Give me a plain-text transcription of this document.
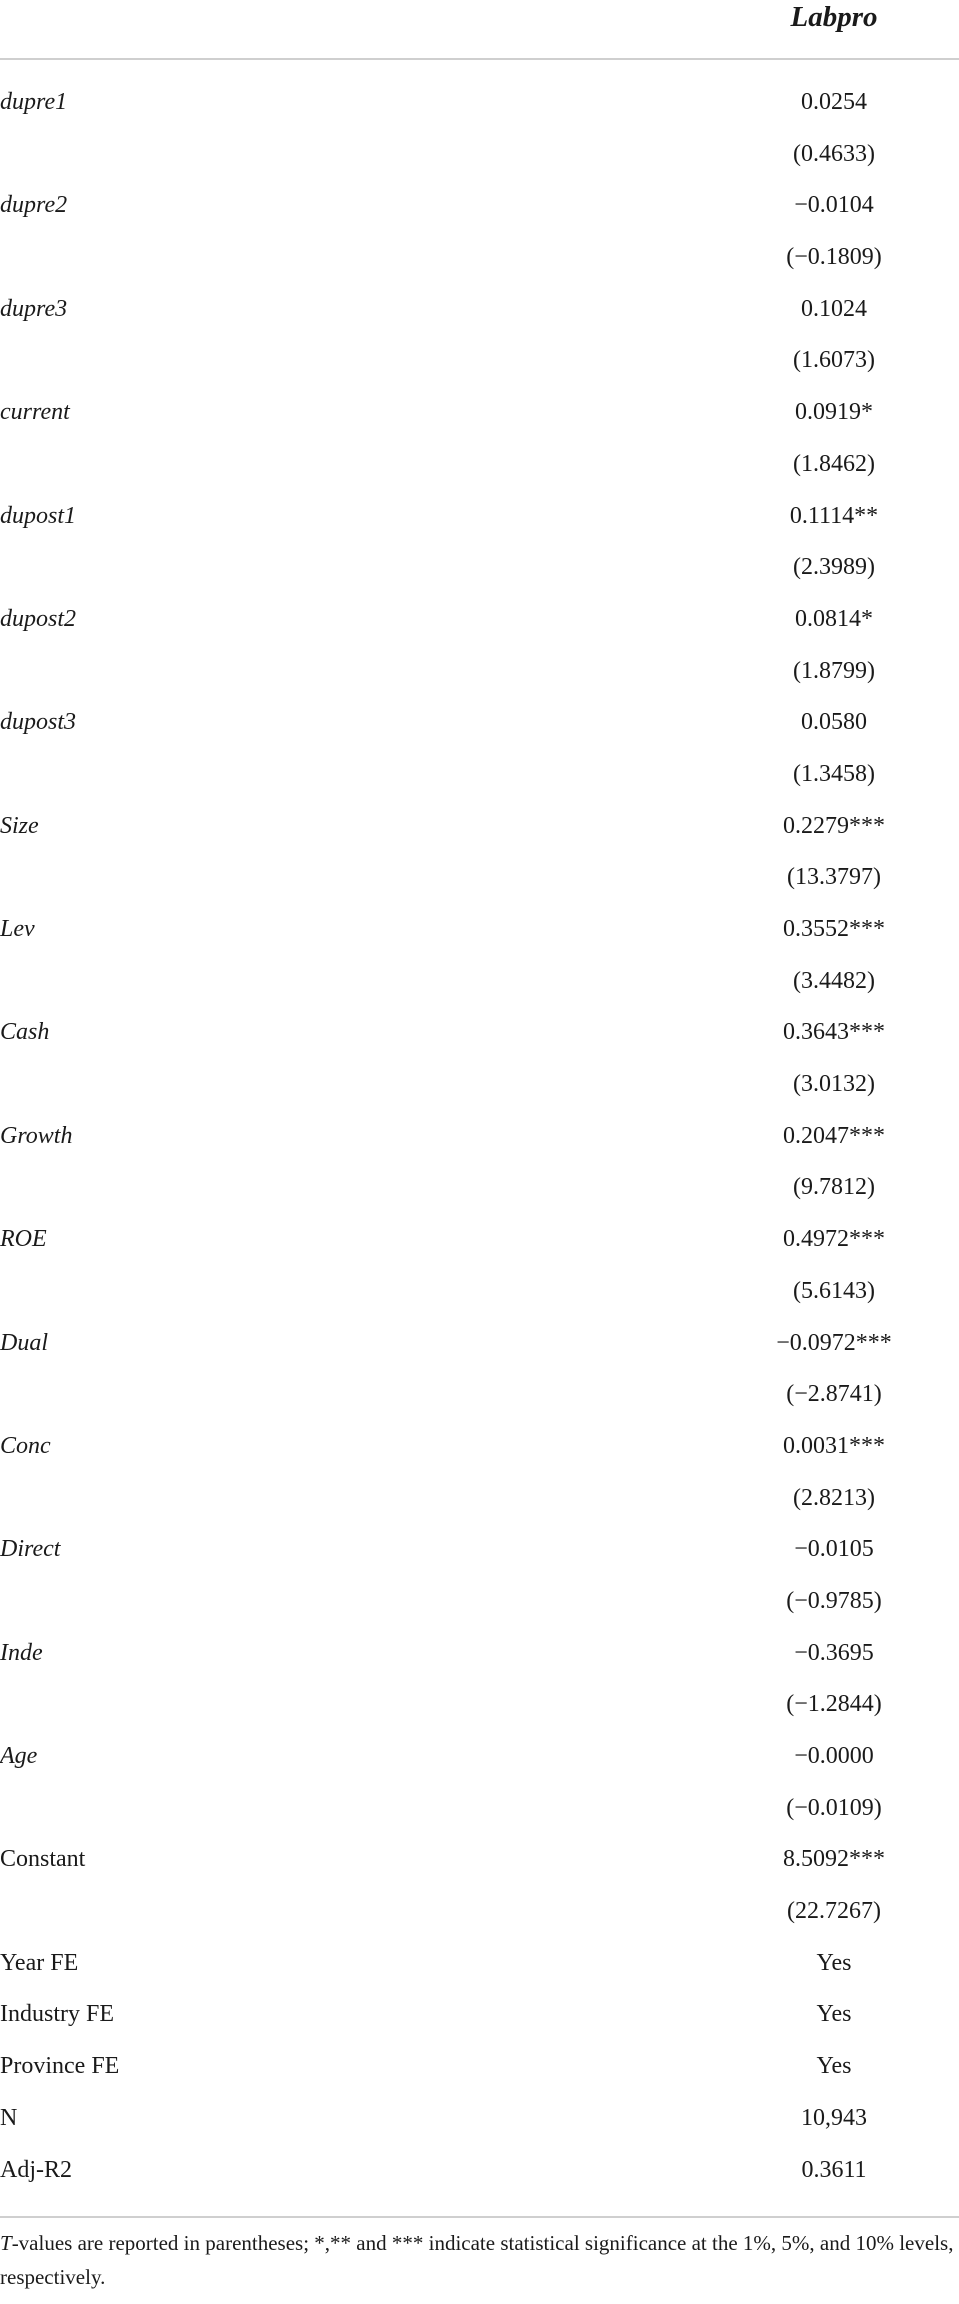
Labpro
dupre1	0.0254
(0.4633)
dupre2	−0.0104
(−0.1809)
dupre3	0.1024
(1.6073)
current	0.0919*
(1.8462)
dupost1	0.1114**
(2.3989)
dupost2	0.0814*
(1.8799)
dupost3	0.0580
(1.3458)
Size	0.2279***
(13.3797)
Lev	0.3552***
(3.4482)
Cash	0.3643***
(3.0132)
Growth	0.2047***
(9.7812)
ROE	0.4972***
(5.6143)
Dual	−0.0972***
(−2.8741)
Conc	0.0031***
(2.8213)
Direct	−0.0105
(−0.9785)
Inde	−0.3695
(−1.2844)
Age	−0.0000
(−0.0109)
Constant	8.5092***
(22.7267)
Year FE	Yes
Industry FE	Yes
Province FE	Yes
N	10,943
Adj-R2	0.3611
T-values are reported in parentheses; *,** and *** indicate statistical significance at the 1%, 5%, and 10% levels, respectively.
